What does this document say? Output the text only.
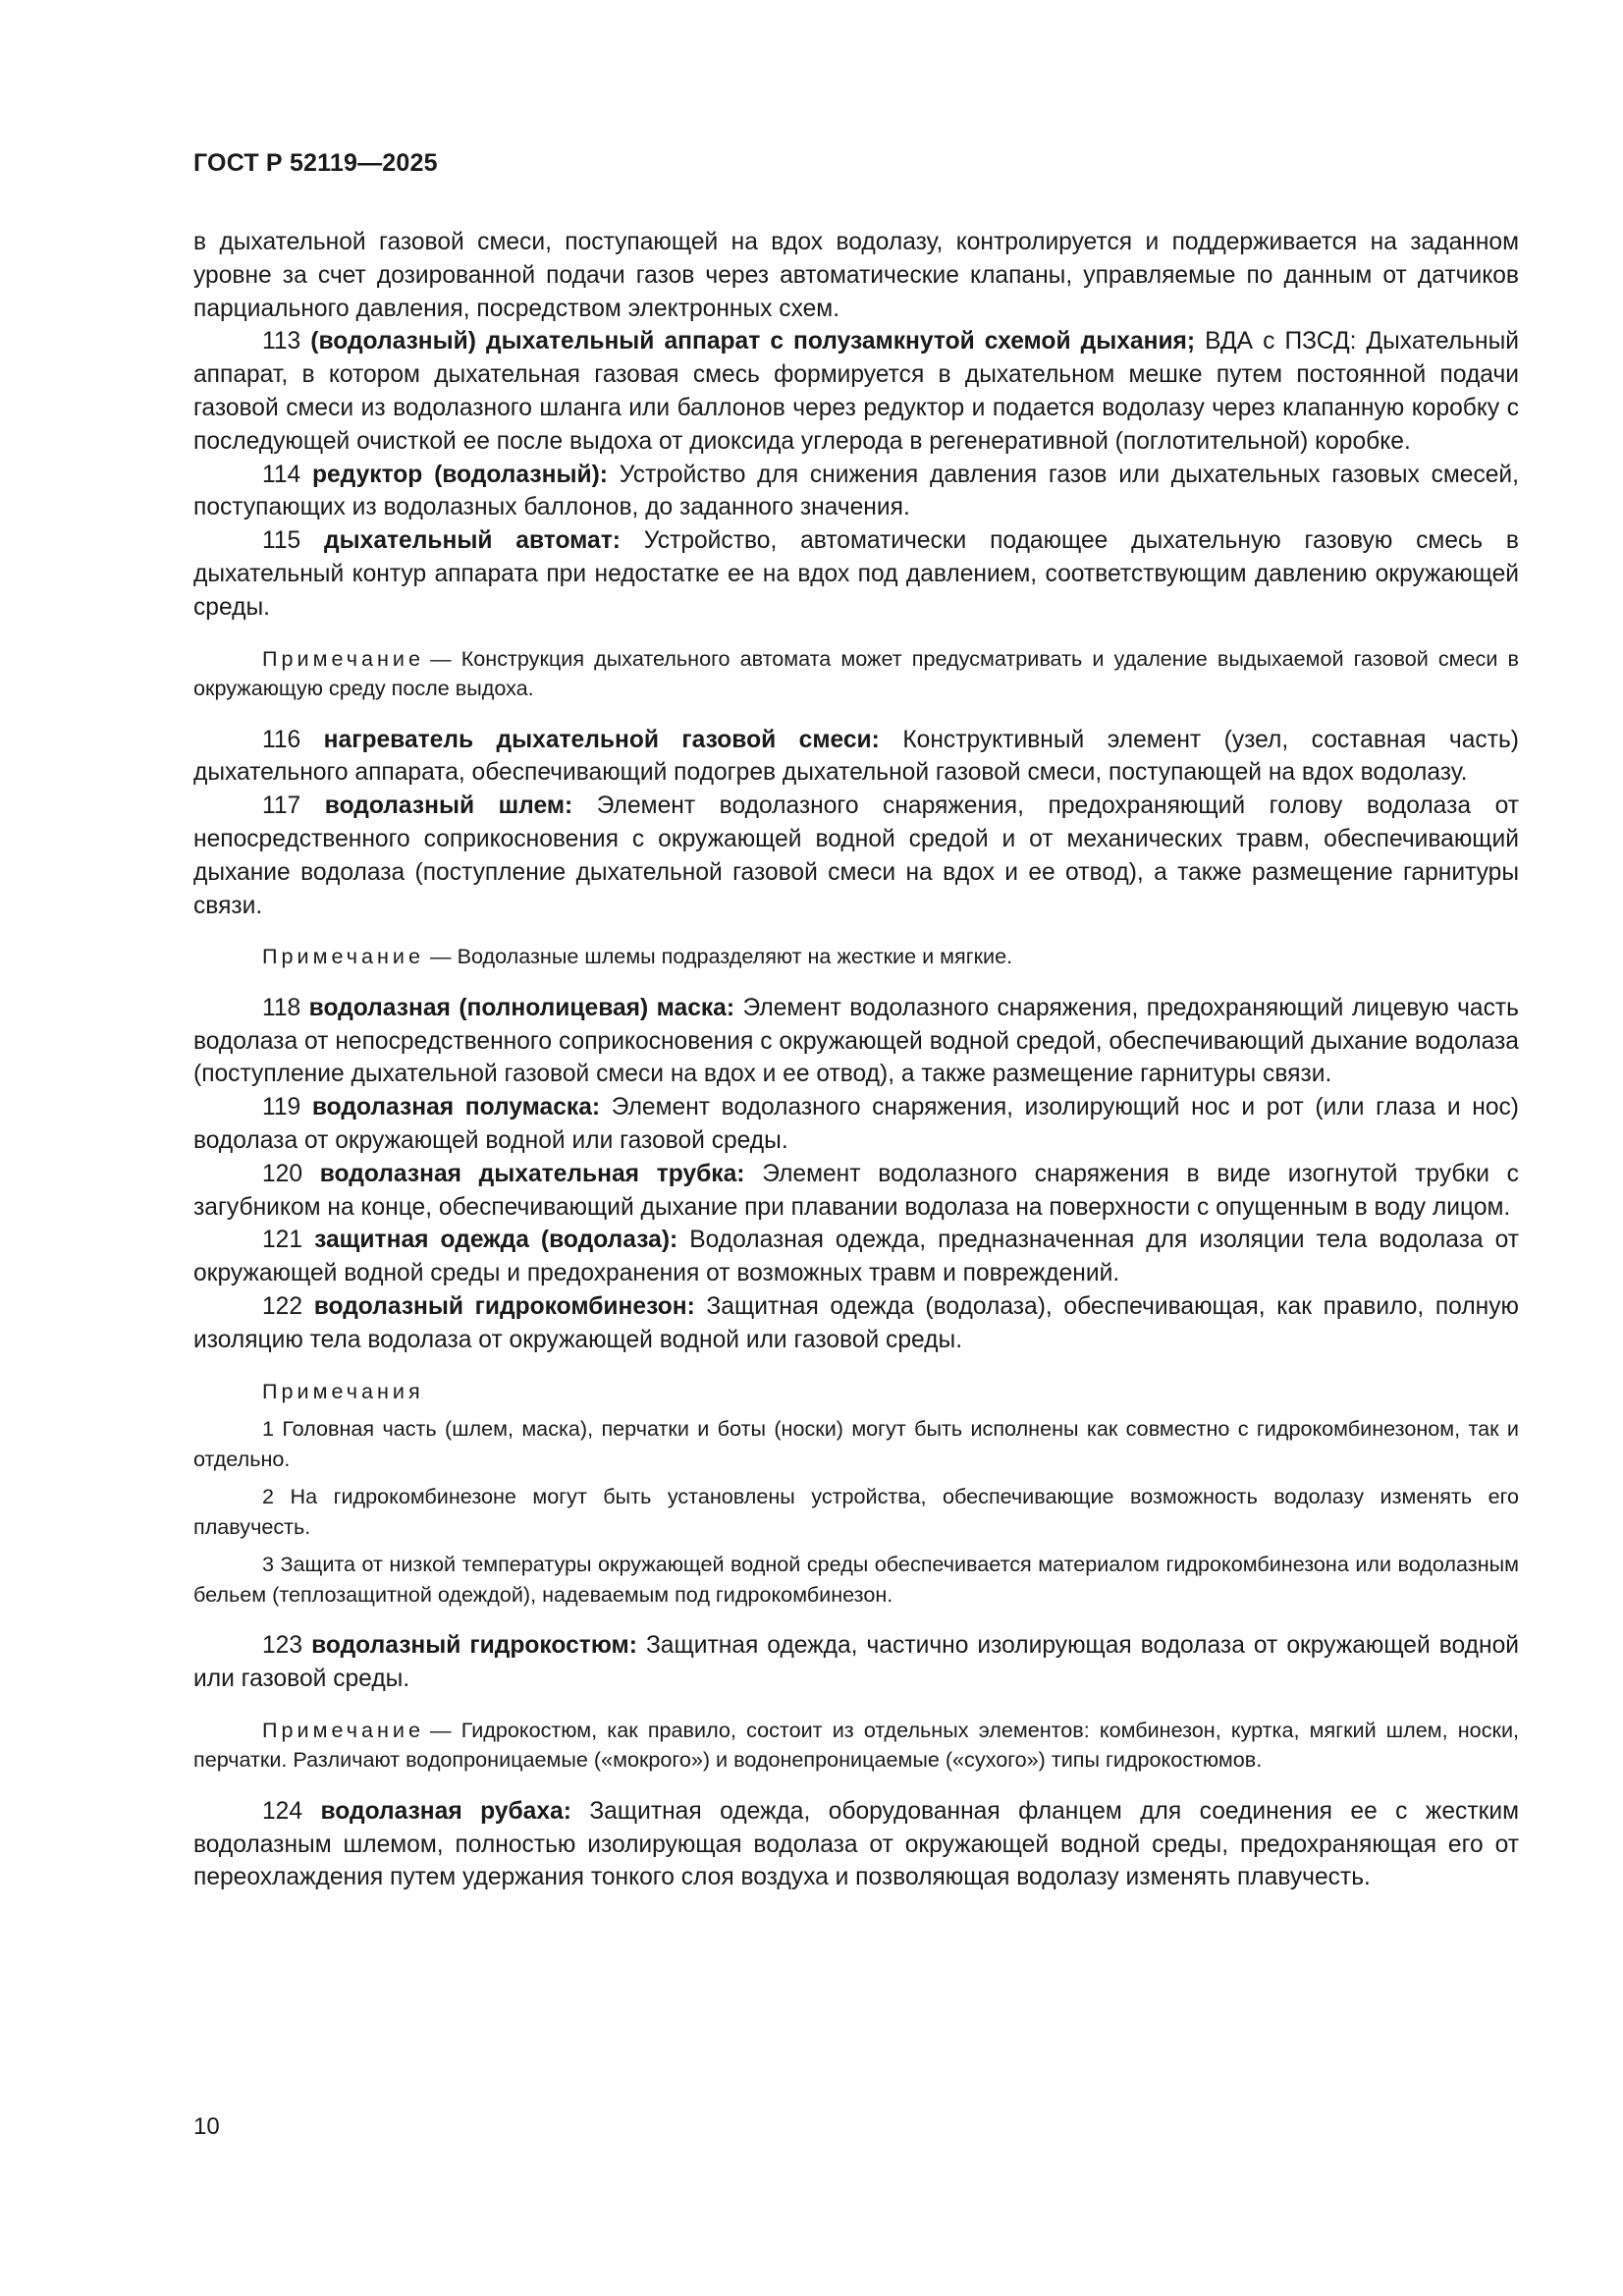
ГОСТ Р 52119—2025

в дыхательной газовой смеси, поступающей на вдох водолазу, контролируется и поддерживается на заданном уровне за счет дозированной подачи газов через автоматические клапаны, управляемые по данным от датчиков парциального давления, посредством электронных схем.

113 (водолазный) дыхательный аппарат с полузамкнутой схемой дыхания; ВДА с ПЗСД: Дыхательный аппарат, в котором дыхательная газовая смесь формируется в дыхательном мешке путем постоянной подачи газовой смеси из водолазного шланга или баллонов через редуктор и подается водолазу через клапанную коробку с последующей очисткой ее после выдоха от диоксида углерода в регенеративной (поглотительной) коробке.

114 редуктор (водолазный): Устройство для снижения давления газов или дыхательных газовых смесей, поступающих из водолазных баллонов, до заданного значения.

115 дыхательный автомат: Устройство, автоматически подающее дыхательную газовую смесь в дыхательный контур аппарата при недостатке ее на вдох под давлением, соответствующим давлению окружающей среды.

Примечание — Конструкция дыхательного автомата может предусматривать и удаление выдыхаемой газовой смеси в окружающую среду после выдоха.

116 нагреватель дыхательной газовой смеси: Конструктивный элемент (узел, составная часть) дыхательного аппарата, обеспечивающий подогрев дыхательной газовой смеси, поступающей на вдох водолазу.

117 водолазный шлем: Элемент водолазного снаряжения, предохраняющий голову водолаза от непосредственного соприкосновения с окружающей водной средой и от механических травм, обеспечивающий дыхание водолаза (поступление дыхательной газовой смеси на вдох и ее отвод), а также размещение гарнитуры связи.

Примечание — Водолазные шлемы подразделяют на жесткие и мягкие.

118 водолазная (полнолицевая) маска: Элемент водолазного снаряжения, предохраняющий лицевую часть водолаза от непосредственного соприкосновения с окружающей водной средой, обеспечивающий дыхание водолаза (поступление дыхательной газовой смеси на вдох и ее отвод), а также размещение гарнитуры связи.

119 водолазная полумаска: Элемент водолазного снаряжения, изолирующий нос и рот (или глаза и нос) водолаза от окружающей водной или газовой среды.

120 водолазная дыхательная трубка: Элемент водолазного снаряжения в виде изогнутой трубки с загубником на конце, обеспечивающий дыхание при плавании водолаза на поверхности с опущенным в воду лицом.

121 защитная одежда (водолаза): Водолазная одежда, предназначенная для изоляции тела водолаза от окружающей водной среды и предохранения от возможных травм и повреждений.

122 водолазный гидрокомбинезон: Защитная одежда (водолаза), обеспечивающая, как правило, полную изоляцию тела водолаза от окружающей водной или газовой среды.

Примечания

1 Головная часть (шлем, маска), перчатки и боты (носки) могут быть исполнены как совместно с гидрокомбинезоном, так и отдельно.

2 На гидрокомбинезоне могут быть установлены устройства, обеспечивающие возможность водолазу изменять его плавучесть.

3 Защита от низкой температуры окружающей водной среды обеспечивается материалом гидрокомбинезона или водолазным бельем (теплозащитной одеждой), надеваемым под гидрокомбинезон.

123 водолазный гидрокостюм: Защитная одежда, частично изолирующая водолаза от окружающей водной или газовой среды.

Примечание — Гидрокостюм, как правило, состоит из отдельных элементов: комбинезон, куртка, мягкий шлем, носки, перчатки. Различают водопроницаемые («мокрого») и водонепроницаемые («сухого») типы гидрокостюмов.

124 водолазная рубаха: Защитная одежда, оборудованная фланцем для соединения ее с жестким водолазным шлемом, полностью изолирующая водолаза от окружающей водной среды, предохраняющая его от переохлаждения путем удержания тонкого слоя воздуха и позволяющая водолазу изменять плавучесть.

10
